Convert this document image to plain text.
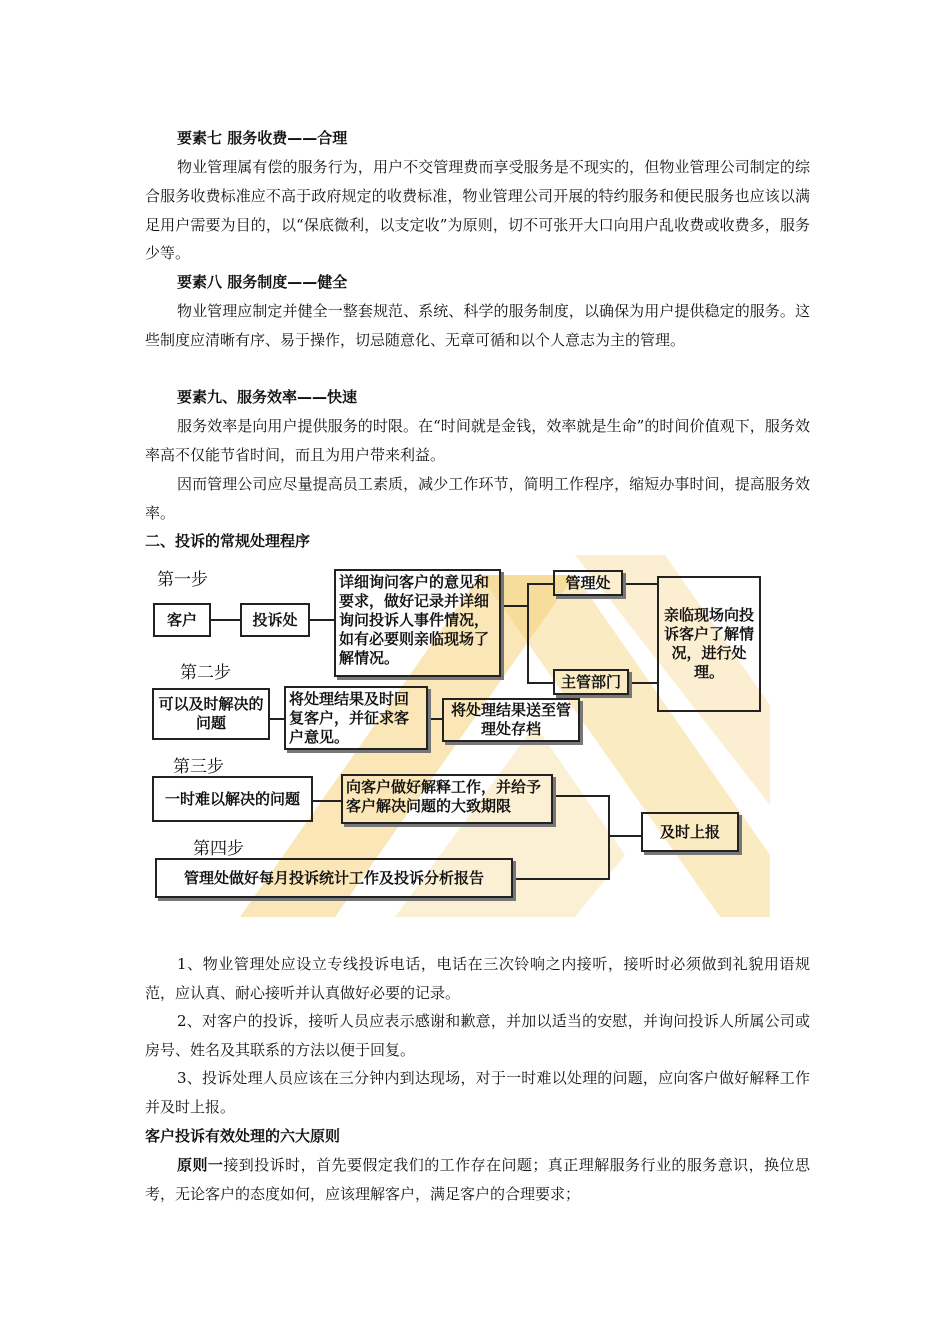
要素七 服务收费——合理
物业管理属有偿的服务行为，用户不交管理费而享受服务是不现实的，但物业管理公司制定的综合服务收费标准应不高于政府规定的收费标准，物业管理公司开展的特约服务和便民服务也应该以满足用户需要为目的，以“保底微利，以支定收”为原则，切不可张开大口向用户乱收费或收费多，服务少等。
要素八 服务制度——健全
物业管理应制定并健全一整套规范、系统、科学的服务制度，以确保为用户提供稳定的服务。这些制度应清晰有序、易于操作，切忌随意化、无章可循和以个人意志为主的管理。
要素九、服务效率——快速
服务效率是向用户提供服务的时限。在“时间就是金钱，效率就是生命”的时间价值观下，服务效率高不仅能节省时间，而且为用户带来利益。
因而管理公司应尽量提高员工素质，减少工作环节，简明工作程序，缩短办事时间，提高服务效率。
二、投诉的常规处理程序
第一步
第二步
第三步
第四步
客户	投诉处
详细询问客户的意见和要求，做好记录并详细询问投诉人事件情况，如有必要则亲临现场了解情况。
管理处
主管部门
亲临现场向投诉客户了解情况，进行处理。
可以及时解决的问题
将处理结果及时回复客户，并征求客户意见。
将处理结果送至管理处存档
一时难以解决的问题
向客户做好解释工作，并给予客户解决问题的大致期限
及时上报
管理处做好每月投诉统计工作及投诉分析报告
1、物业管理处应设立专线投诉电话，电话在三次铃响之内接听，接听时必须做到礼貌用语规范，应认真、耐心接听并认真做好必要的记录。
2、对客户的投诉，接听人员应表示感谢和歉意，并加以适当的安慰，并询问投诉人所属公司或房号、姓名及其联系的方法以便于回复。
3、投诉处理人员应该在三分钟内到达现场，对于一时难以处理的问题，应向客户做好解释工作并及时上报。
客户投诉有效处理的六大原则
原则一接到投诉时，首先要假定我们的工作存在问题；真正理解服务行业的服务意识，换位思考，无论客户的态度如何，应该理解客户，满足客户的合理要求；
